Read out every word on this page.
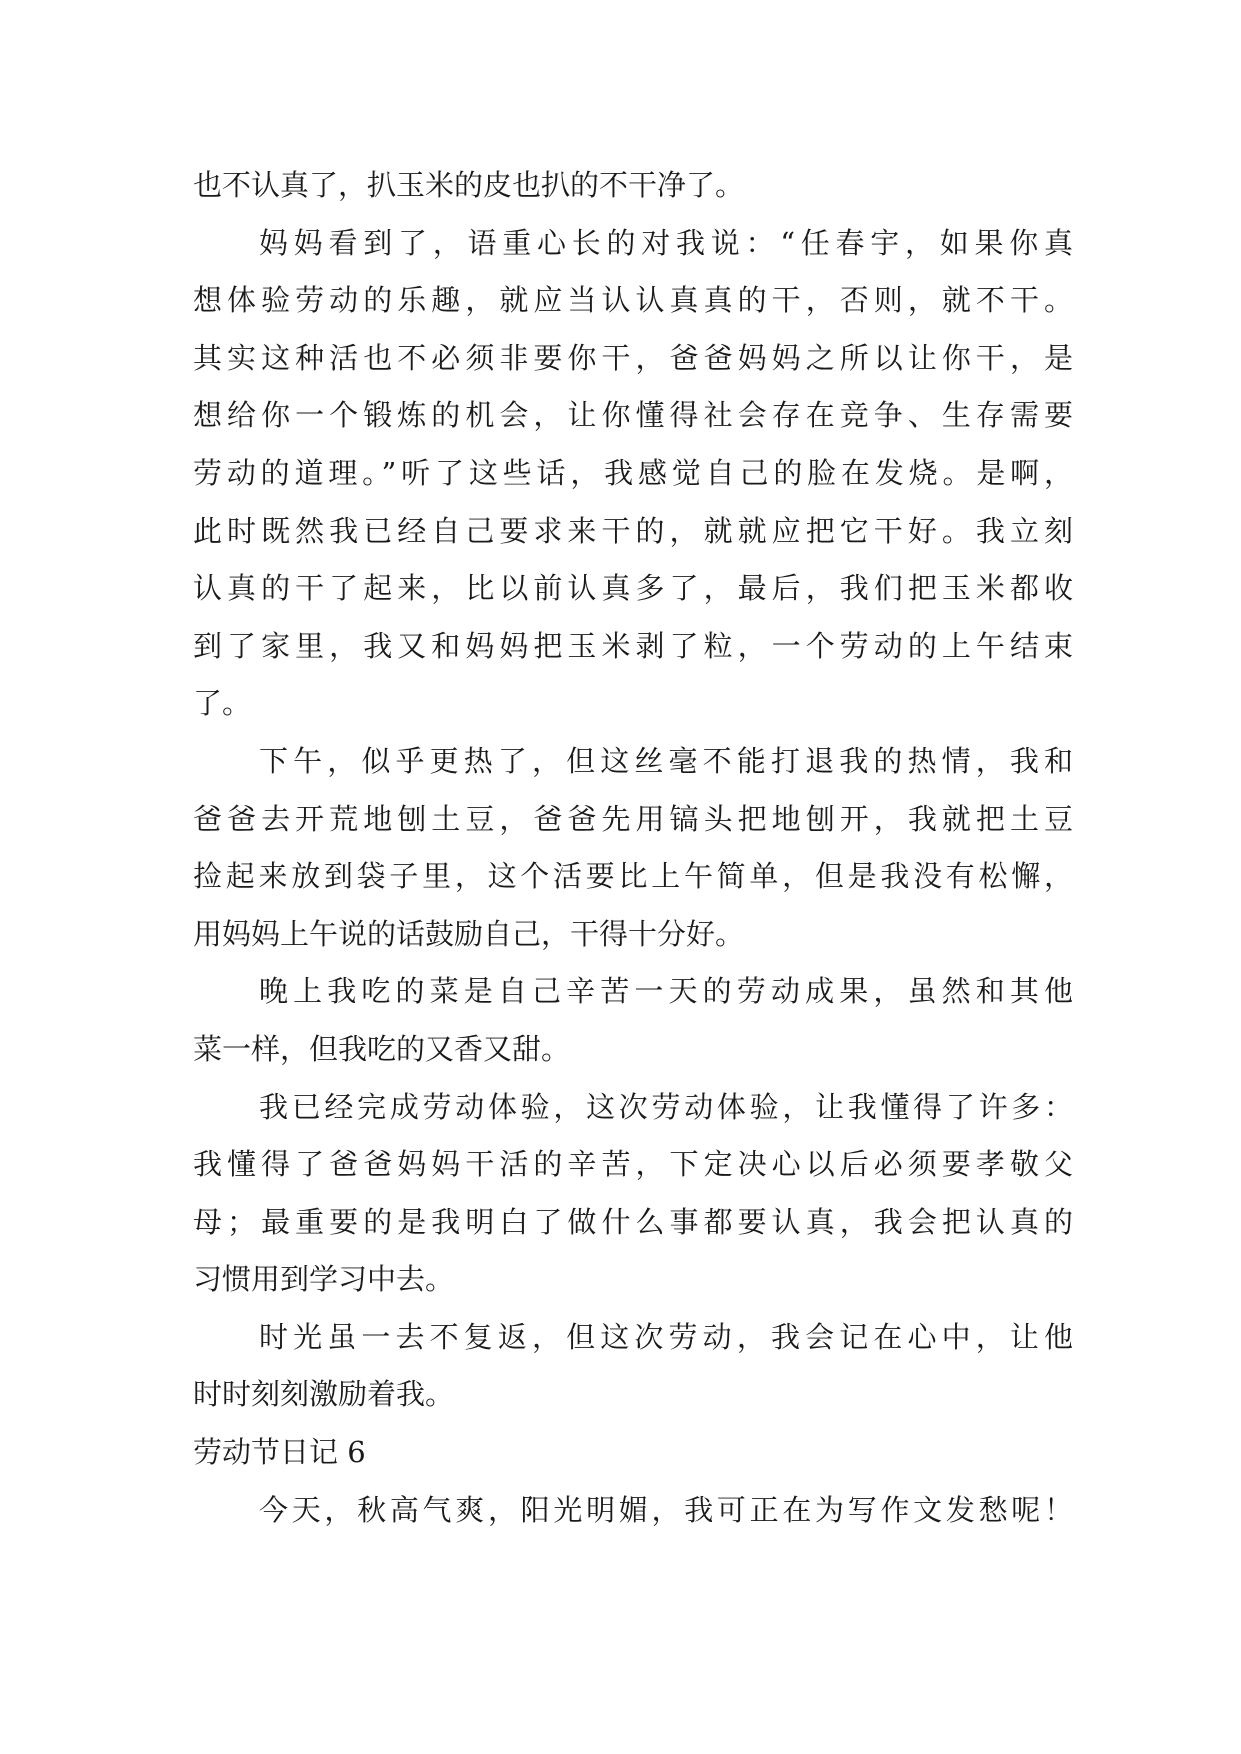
也不认真了，扒玉米的皮也扒的不干净了。
妈妈看到了，语重心长的对我说：“任春宇，如果你真
想体验劳动的乐趣，就应当认认真真的干，否则，就不干。
其实这种活也不必须非要你干，爸爸妈妈之所以让你干，是
想给你一个锻炼的机会，让你懂得社会存在竞争、生存需要
劳动的道理。”听了这些话，我感觉自己的脸在发烧。是啊，
此时既然我已经自己要求来干的，就就应把它干好。我立刻
认真的干了起来，比以前认真多了，最后，我们把玉米都收
到了家里，我又和妈妈把玉米剥了粒，一个劳动的上午结束
了。
下午，似乎更热了，但这丝毫不能打退我的热情，我和
爸爸去开荒地刨土豆，爸爸先用镐头把地刨开，我就把土豆
捡起来放到袋子里，这个活要比上午简单，但是我没有松懈，
用妈妈上午说的话鼓励自己，干得十分好。
晚上我吃的菜是自己辛苦一天的劳动成果，虽然和其他
菜一样，但我吃的又香又甜。
我已经完成劳动体验，这次劳动体验，让我懂得了许多：
我懂得了爸爸妈妈干活的辛苦，下定决心以后必须要孝敬父
母；最重要的是我明白了做什么事都要认真，我会把认真的
习惯用到学习中去。
时光虽一去不复返，但这次劳动，我会记在心中，让他
时时刻刻激励着我。
劳动节日记 6
今天，秋高气爽，阳光明媚，我可正在为写作文发愁呢！
